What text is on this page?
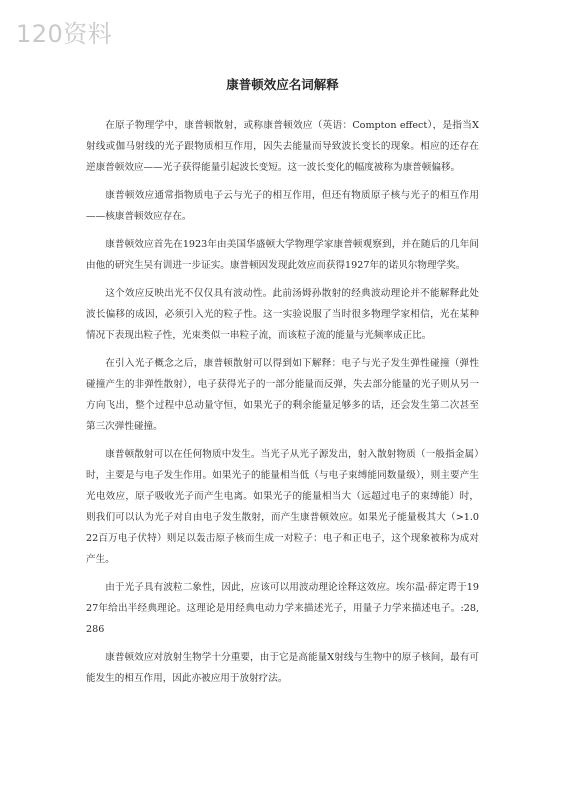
120资料
康普顿效应名词解释

在原子物理学中，康普顿散射，或称康普顿效应（英语：Compton effect），是指当X射线或伽马射线的光子跟物质相互作用，因失去能量而导致波长变长的现象。相应的还存在逆康普顿效应——光子获得能量引起波长变短。这一波长变化的幅度被称为康普顿偏移。

康普顿效应通常指物质电子云与光子的相互作用，但还有物质原子核与光子的相互作用——核康普顿效应存在。

康普顿效应首先在1923年由美国华盛顿大学物理学家康普顿观察到，并在随后的几年间由他的研究生吴有训进一步证实。康普顿因发现此效应而获得1927年的诺贝尔物理学奖。

这个效应反映出光不仅仅具有波动性。此前汤姆孙散射的经典波动理论并不能解释此处波长偏移的成因，必须引入光的粒子性。这一实验说服了当时很多物理学家相信，光在某种情况下表现出粒子性，光束类似一串粒子流，而该粒子流的能量与光频率成正比。

在引入光子概念之后，康普顿散射可以得到如下解释：电子与光子发生弹性碰撞（弹性碰撞产生的非弹性散射），电子获得光子的一部分能量而反弹，失去部分能量的光子则从另一方向飞出，整个过程中总动量守恒，如果光子的剩余能量足够多的话，还会发生第二次甚至第三次弹性碰撞。

康普顿散射可以在任何物质中发生。当光子从光子源发出，射入散射物质（一般指金属）时，主要是与电子发生作用。如果光子的能量相当低（与电子束缚能同数量级），则主要产生光电效应，原子吸收光子而产生电离。如果光子的能量相当大（远超过电子的束缚能）时，则我们可以认为光子对自由电子发生散射，而产生康普顿效应。如果光子能量极其大（>1.022百万电子伏特）则足以轰击原子核而生成一对粒子：电子和正电子，这个现象被称为成对产生。

由于光子具有波粒二象性，因此，应该可以用波动理论诠释这效应。埃尔温·薛定谔于1927年给出半经典理论。这理论是用经典电动力学来描述光子，用量子力学来描述电子。:28, 286

康普顿效应对放射生物学十分重要，由于它是高能量X射线与生物中的原子核间，最有可能发生的相互作用，因此亦被应用于放射疗法。
